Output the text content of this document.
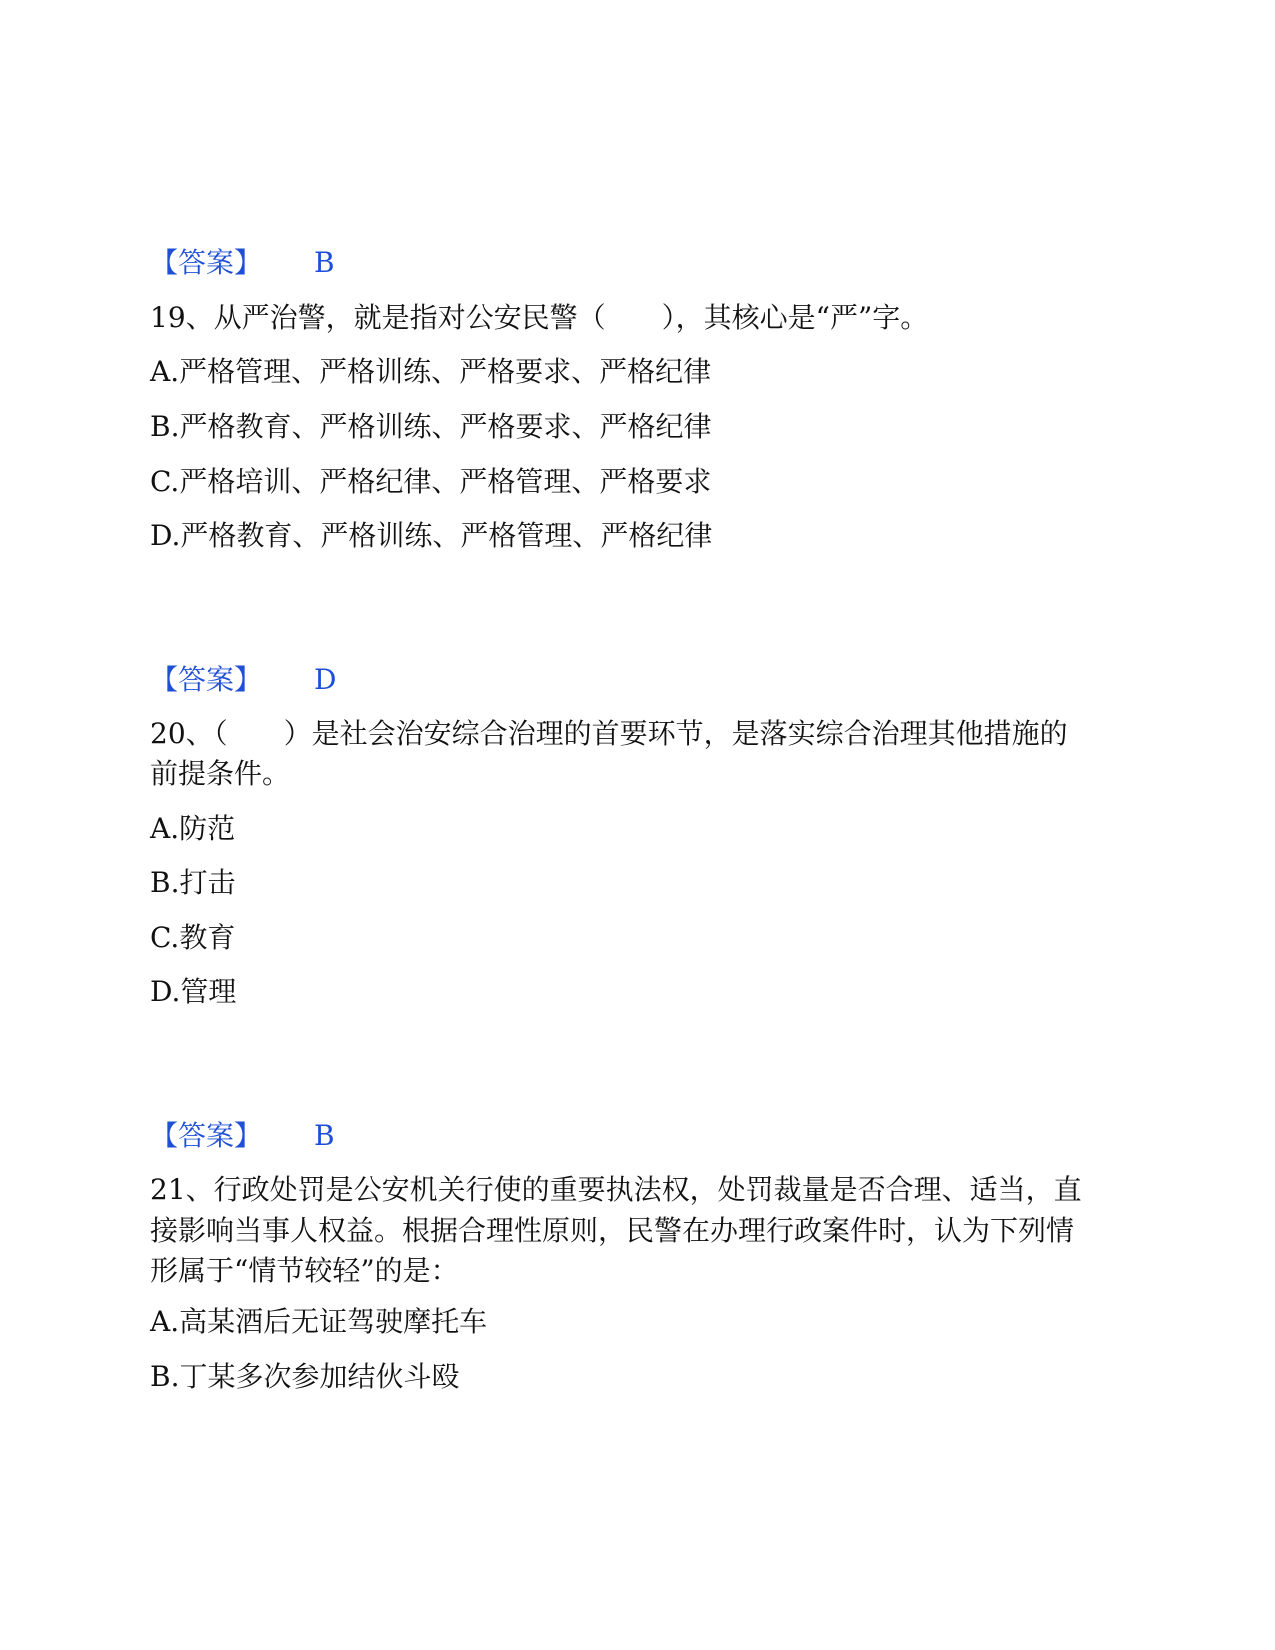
【答案】 B
19、从严治警，就是指对公安民警（　　），其核心是“严”字。
A.严格管理、严格训练、严格要求、严格纪律
B.严格教育、严格训练、严格要求、严格纪律
C.严格培训、严格纪律、严格管理、严格要求
D.严格教育、严格训练、严格管理、严格纪律
【答案】 D
20、（　　）是社会治安综合治理的首要环节，是落实综合治理其他措施的
前提条件。
A.防范
B.打击
C.教育
D.管理
【答案】 B
21、行政处罚是公安机关行使的重要执法权，处罚裁量是否合理、适当，直
接影响当事人权益。根据合理性原则，民警在办理行政案件时，认为下列情
形属于“情节较轻”的是：
A.高某酒后无证驾驶摩托车
B.丁某多次参加结伙斗殴
